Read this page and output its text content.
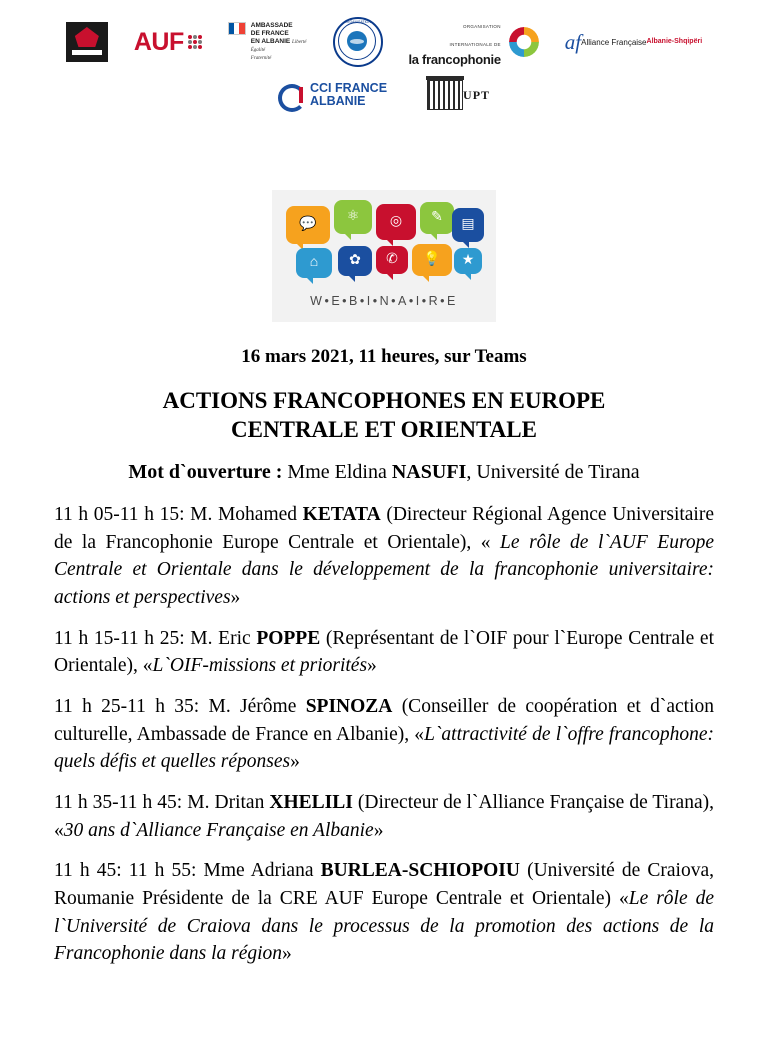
AUF
AMBASSADE
DE FRANCE
EN ALBANIE Liberté
Égalité
Fraternité
ORGANISATION
ORGANISATION
INTERNATIONALE DE
la francophonie
af Alliance Française Albanie-Shqipëri
CCI FRANCE
ALBANIE	UPT
💬
⚛ ◎ ✎ ▤
⌂ ✿ ✆ 💡 ★
W•E•B•I•N•A•I•R•E

16 mars 2021, 11 heures, sur Teams

ACTIONS FRANCOPHONES EN EUROPE
CENTRALE ET ORIENTALE

Mot d`ouverture : Mme Eldina NASUFI, Université de Tirana

11 h 05-11 h 15: M. Mohamed KETATA (Directeur Régional Agence Universitaire de la Francophonie Europe Centrale et Orientale), « Le rôle de l`AUF Europe Centrale et Orientale dans le développement de la francophonie universitaire: actions et perspectives»

11 h 15-11 h 25: M. Eric POPPE (Représentant de l`OIF pour l`Europe Centrale et Orientale), «L`OIF-missions et priorités»

11 h 25-11 h 35: M. Jérôme SPINOZA (Conseiller de coopération et d`action culturelle, Ambassade de France en Albanie), «L`attractivité de l`offre francophone: quels défis et quelles réponses»

11 h 35-11 h 45: M. Dritan XHELILI (Directeur de l`Alliance Française de Tirana), «30 ans d`Alliance Française en Albanie»

11 h 45: 11 h 55: Mme Adriana BURLEA-SCHIOPOIU (Université de Craiova, Roumanie Présidente de la CRE AUF Europe Centrale et Orientale) «Le rôle de l`Université de Craiova dans le processus de la promotion des actions de la Francophonie dans la région»
